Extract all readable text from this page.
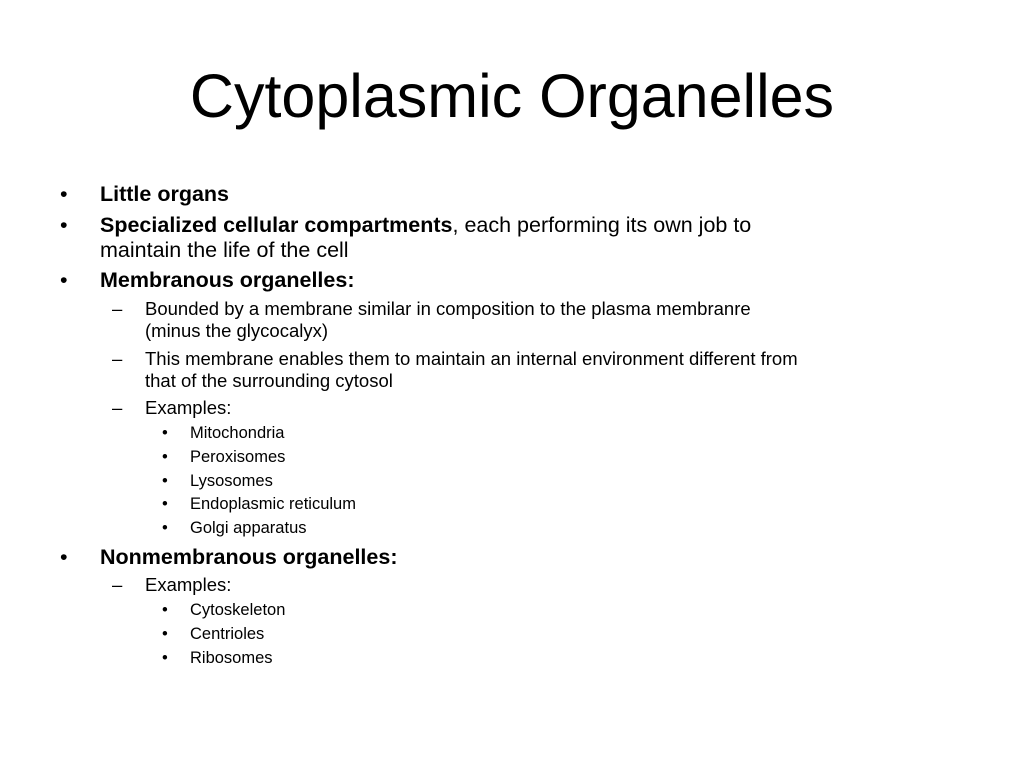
Cytoplasmic Organelles
• Little organs
• Specialized cellular compartments, each performing its own job to
maintain the life of the cell
• Membranous organelles:
– Bounded by a membrane similar in composition to the plasma membranre
(minus the glycocalyx)
– This membrane enables them to maintain an internal environment different from
that of the surrounding cytosol
– Examples:
• Mitochondria
• Peroxisomes
• Lysosomes
• Endoplasmic reticulum
• Golgi apparatus
• Nonmembranous organelles:
– Examples:
• Cytoskeleton
• Centrioles
• Ribosomes
